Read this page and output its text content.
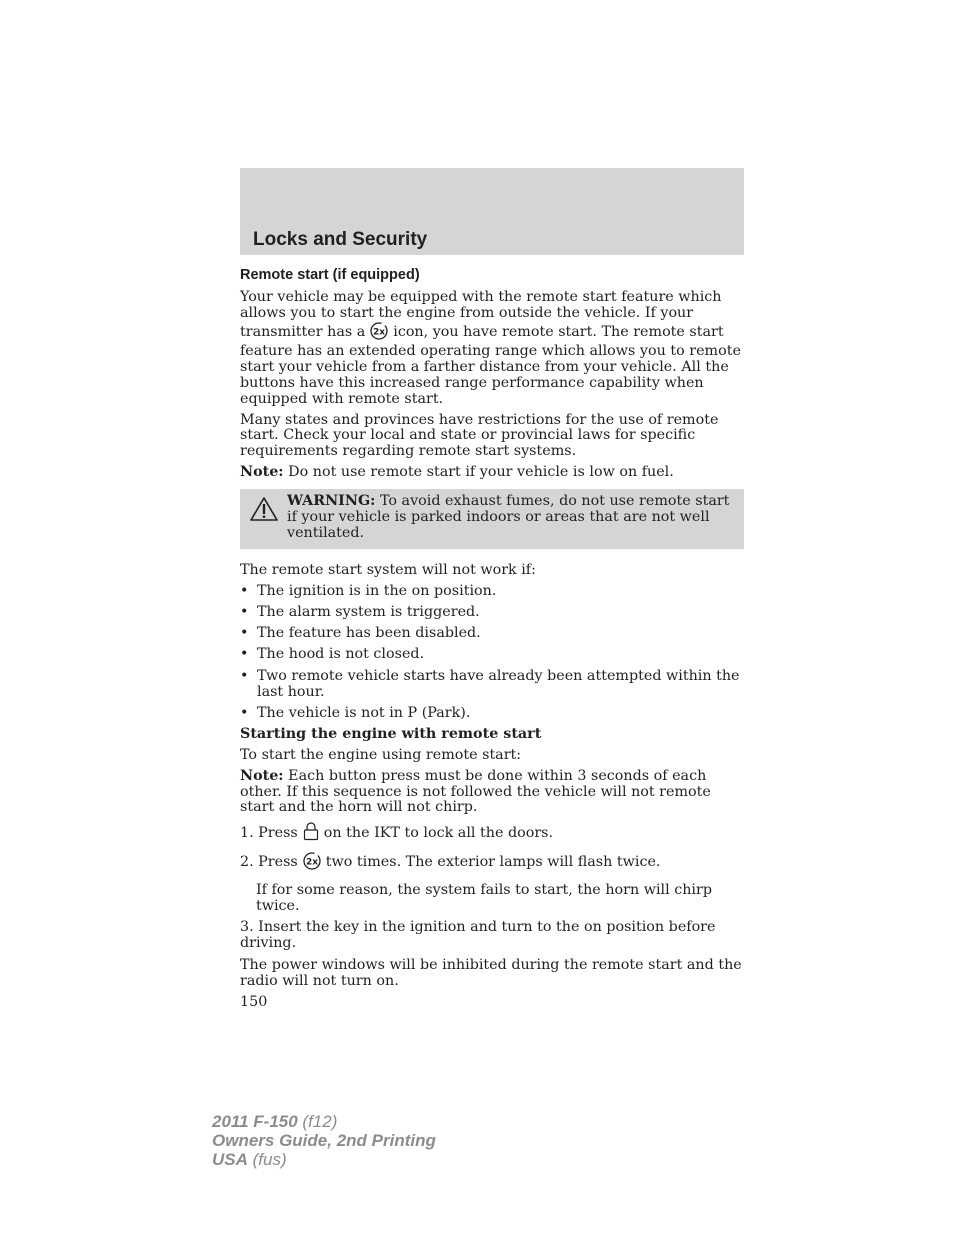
Locks and Security
Remote start (if equipped)

Your vehicle may be equipped with the remote start feature which allows you to start the engine from outside the vehicle. If your transmitter has a 2x icon, you have remote start. The remote start feature has an extended operating range which allows you to remote start your vehicle from a farther distance from your vehicle. All the buttons have this increased range performance capability when equipped with remote start.

Many states and provinces have restrictions for the use of remote start. Check your local and state or provincial laws for specific requirements regarding remote start systems.

Note: Do not use remote start if your vehicle is low on fuel.

WARNING: To avoid exhaust fumes, do not use remote start if your vehicle is parked indoors or areas that are not well ventilated.

The remote start system will not work if:

• The ignition is in the on position.
• The alarm system is triggered.
• The feature has been disabled.
• The hood is not closed.
• Two remote vehicle starts have already been attempted within the last hour.
• The vehicle is not in P (Park).

Starting the engine with remote start

To start the engine using remote start:

Note: Each button press must be done within 3 seconds of each other. If this sequence is not followed the vehicle will not remote start and the horn will not chirp.

1. Press on the IKT to lock all the doors.

2. Press 2x two times. The exterior lamps will flash twice.

If for some reason, the system fails to start, the horn will chirp twice.

3. Insert the key in the ignition and turn to the on position before driving.

The power windows will be inhibited during the remote start and the radio will not turn on.

150

2011 F-150 (f12)
Owners Guide, 2nd Printing
USA (fus)
